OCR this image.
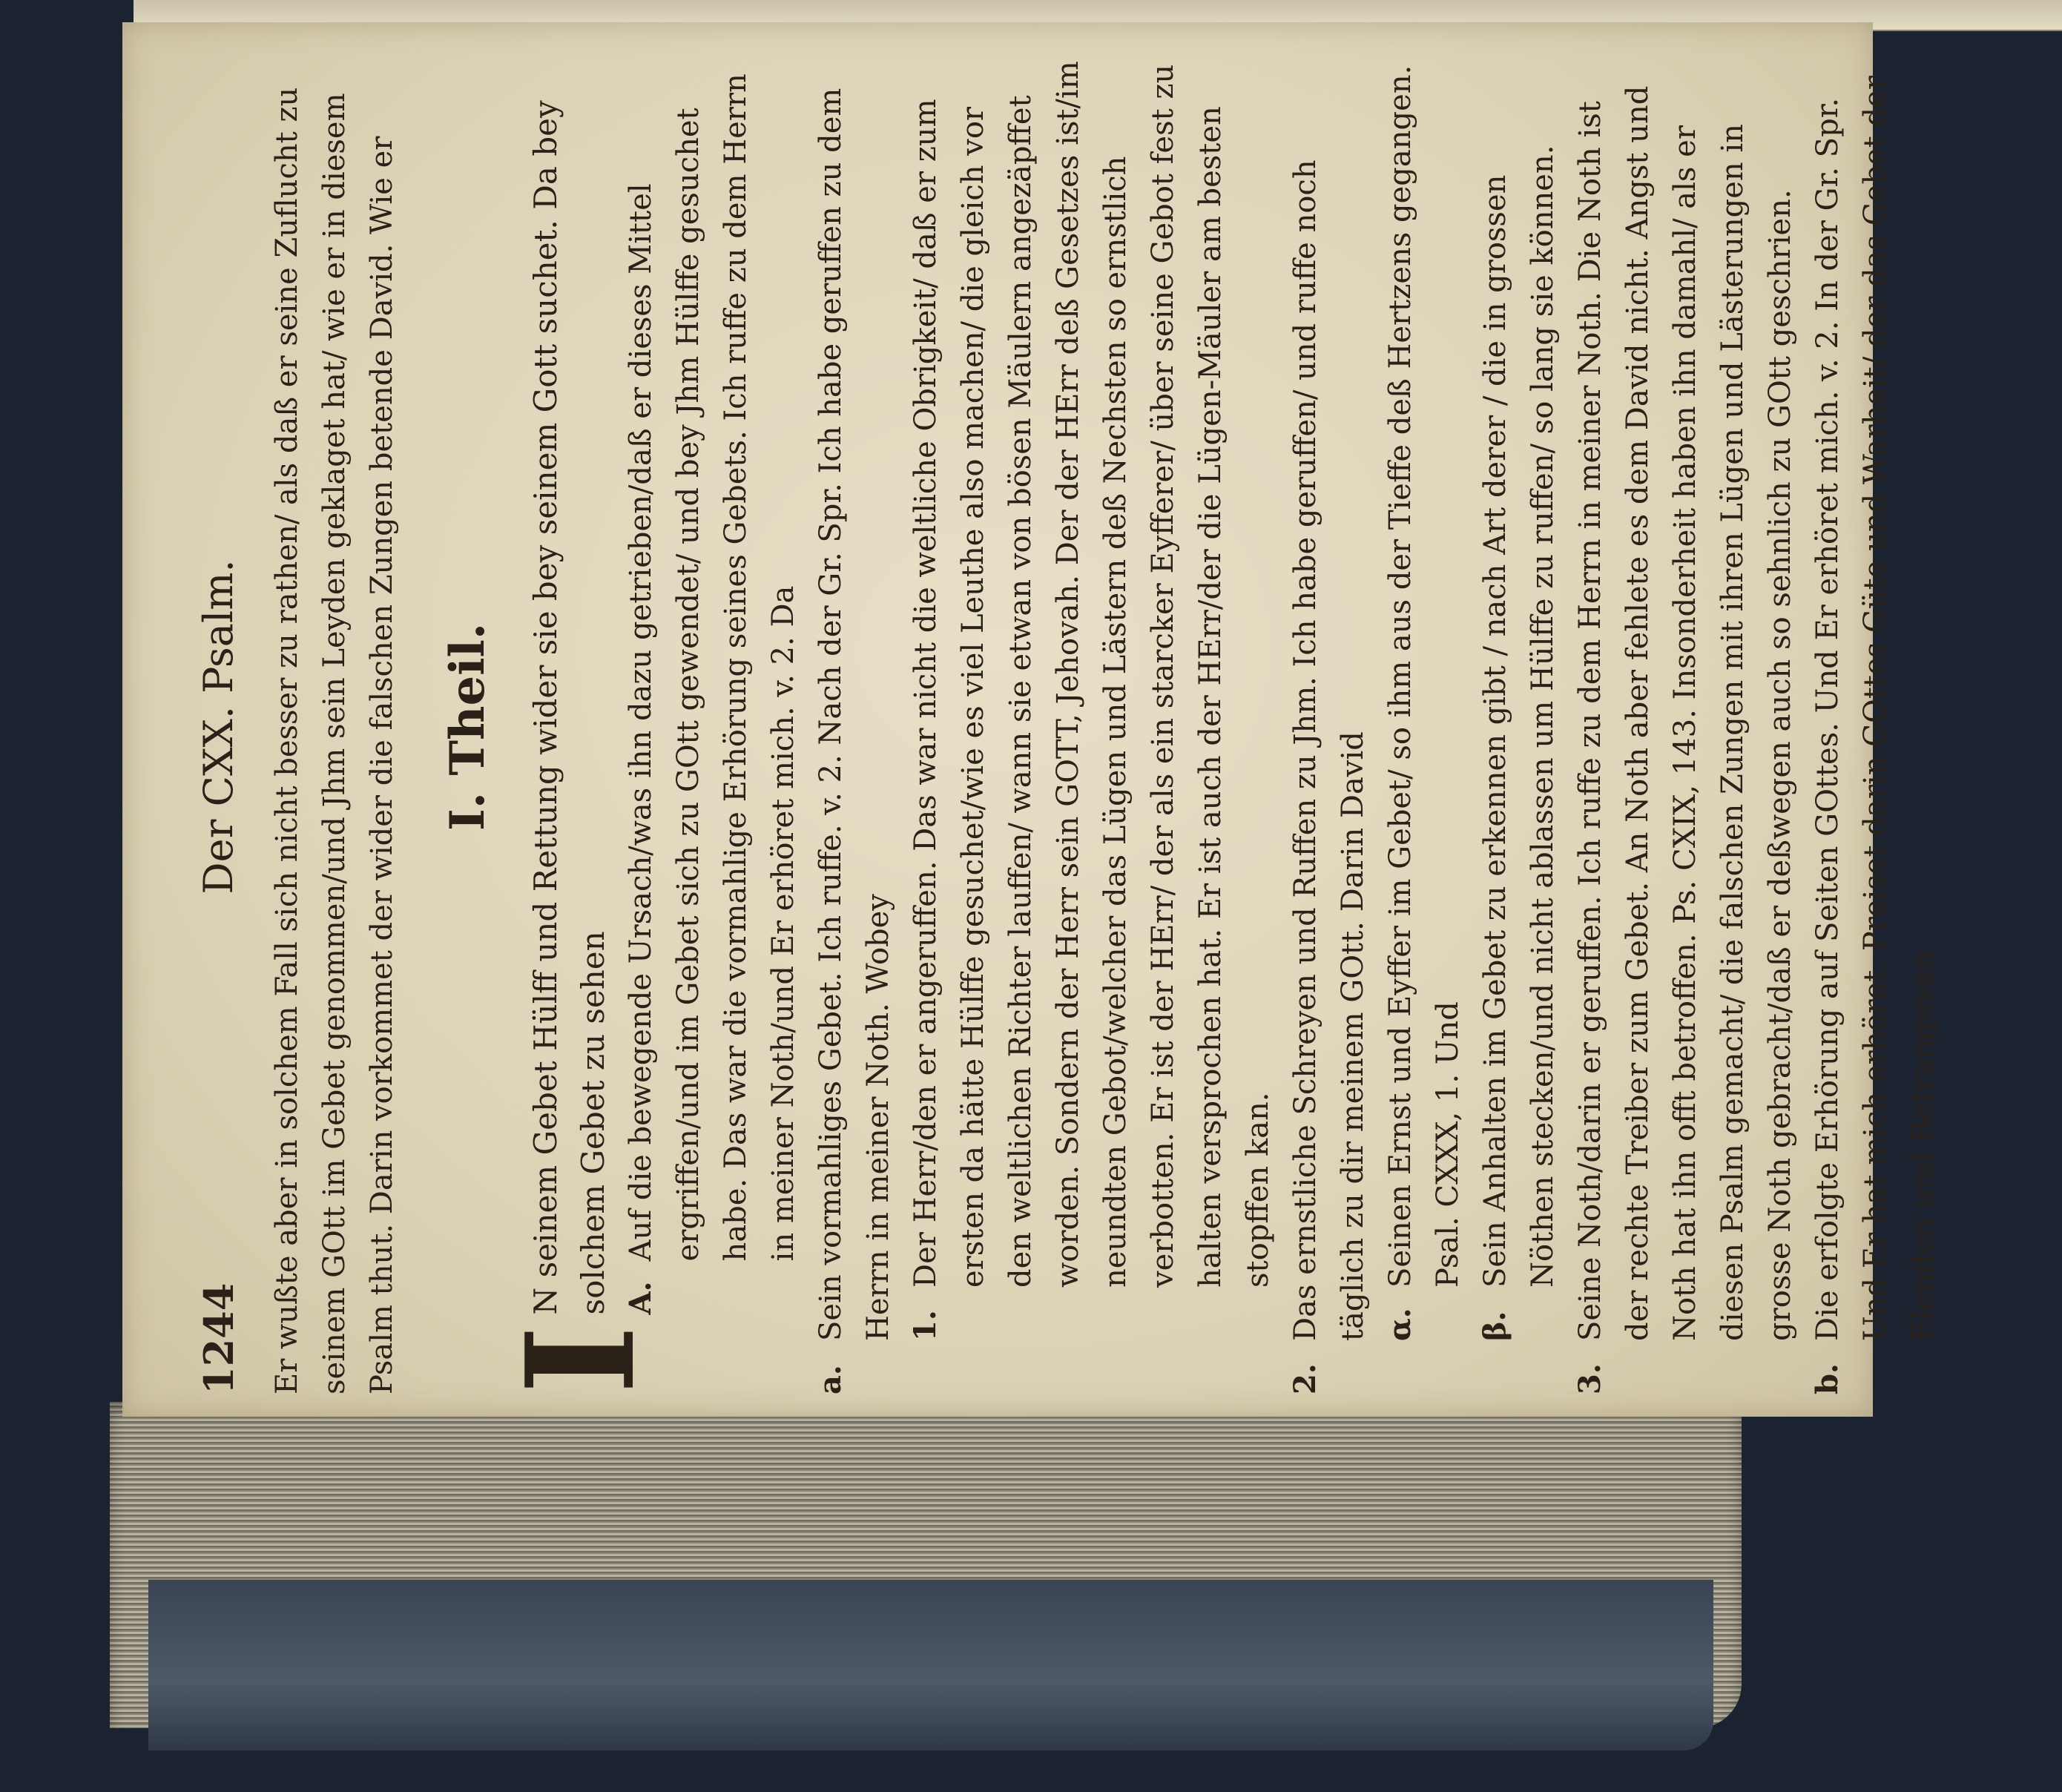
1244
Der CXX. Psalm. Er wußte aber in solchem Fall sich nicht besser zu rathen/ als daß er seine Zuflucht zu seinem GOtt im Gebet genommen/und Jhm sein Leyden geklaget hat/ wie er in diesem Psalm thut. Darin vorkommet der wider die falschen Zungen betende David. Wie er I. Theil.
I

N seinem Gebet Hülff und Rettung wider sie bey seinem Gott suchet. Da bey solchem Gebet zu sehen A.
Auf die bewegende Ursach/was ihn dazu getrieben/daß er dieses Mittel ergriffen/und im Gebet sich zu GOtt gewendet/ und bey Jhm Hülffe gesuchet habe. Das war die vormahlige Erhörung seines Gebets. Ich ruffe zu dem Herrn in meiner Noth/und Er erhöret mich. v. 2. Da
a.
Sein vormahliges Gebet. Ich ruffe. v. 2. Nach der Gr. Spr. Ich habe geruffen zu dem Herrn in meiner Noth. Wobey 1.
Der Herr/den er angeruffen. Das war nicht die weltliche Obrigkeit/ daß er zum ersten da hätte Hülffe gesuchet/wie es viel Leuthe also machen/ die gleich vor den weltlichen Richter lauffen/ wann sie etwan von bösen Mäulern angezäpffet worden. Sondern der Herr sein GOTT, Jehovah. Der der HErr deß Gesetzes ist/im neundten Gebot/welcher das Lügen und Lästern deß Nechsten so ernstlich verbotten. Er ist der HErr/ der als ein starcker Eyfferer/ über seine Gebot fest zu halten versprochen hat. Er ist auch der HErr/der die Lügen-Mäuler am besten stopffen kan.
2.
Das ernstliche Schreyen und Ruffen zu Jhm. Ich habe geruffen/ und ruffe noch täglich zu dir meinem GOtt. Darin David α.
Seinen Ernst und Eyffer im Gebet/ so ihm aus der Tieffe deß Hertzens gegangen. Psal. CXXX, 1. Und
β.
Sein Anhalten im Gebet zu erkennen gibt / nach Art derer / die in grossen Nöthen stecken/und nicht ablassen um Hülffe zu ruffen/ so lang sie können.
3.
Seine Noth/darin er geruffen. Ich ruffe zu dem Herrn in meiner Noth. Die Noth ist der rechte Treiber zum Gebet. An Noth aber fehlete es dem David nicht. Angst und Noth hat ihn offt betroffen. Ps. CXIX, 143. Insonderheit haben ihn damahl/ als er diesen Psalm gemacht/ die falschen Zungen mit ihren Lügen und Lästerungen in grosse Noth gebracht/daß er deßwegen auch so sehnlich zu GOtt geschrien.
b.
Die erfolgte Erhörung auf Seiten GOttes. Und Er erhöret mich. v. 2. In der Gr. Spr. Und Er hat mich erhöret. Preiset darin GOttes Güte und Warheit/ der das Gebet der Elenden und Betrangesen
